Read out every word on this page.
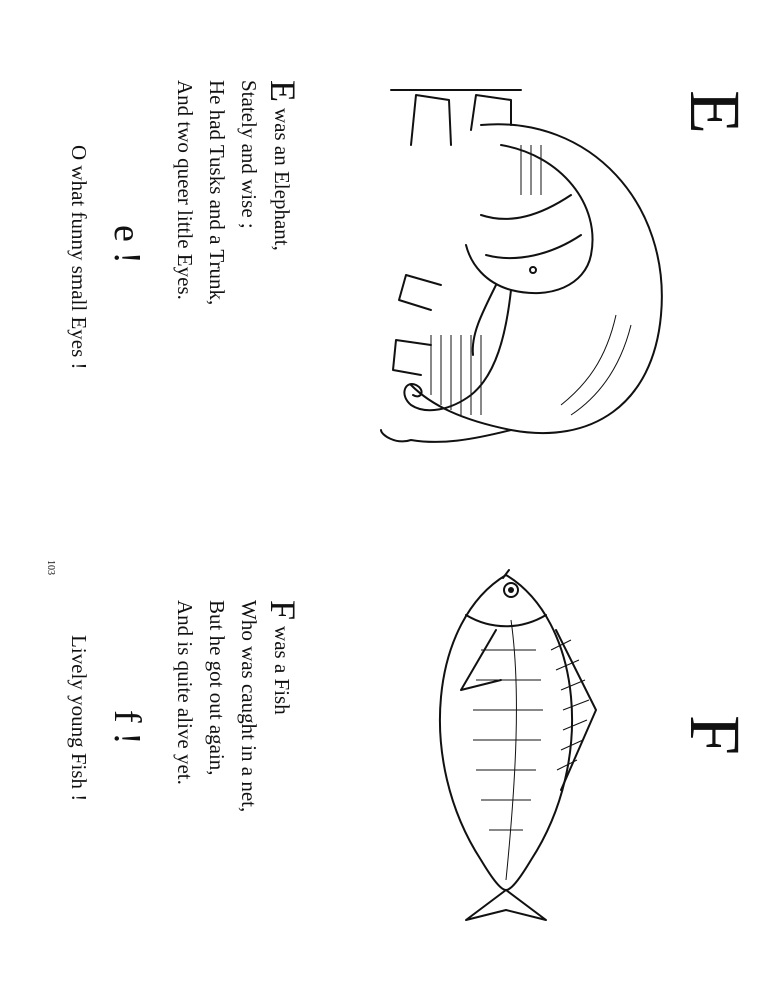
E
Ewas an Elephant,
Stately and wise ;
He had Tusks and a Trunk,
And two queer little Eyes.
e !
O what funny small Eyes !
F
Fwas a Fish
Who was caught in a net,
But he got out again,
And is quite alive yet.
f !
Lively young Fish !
103
